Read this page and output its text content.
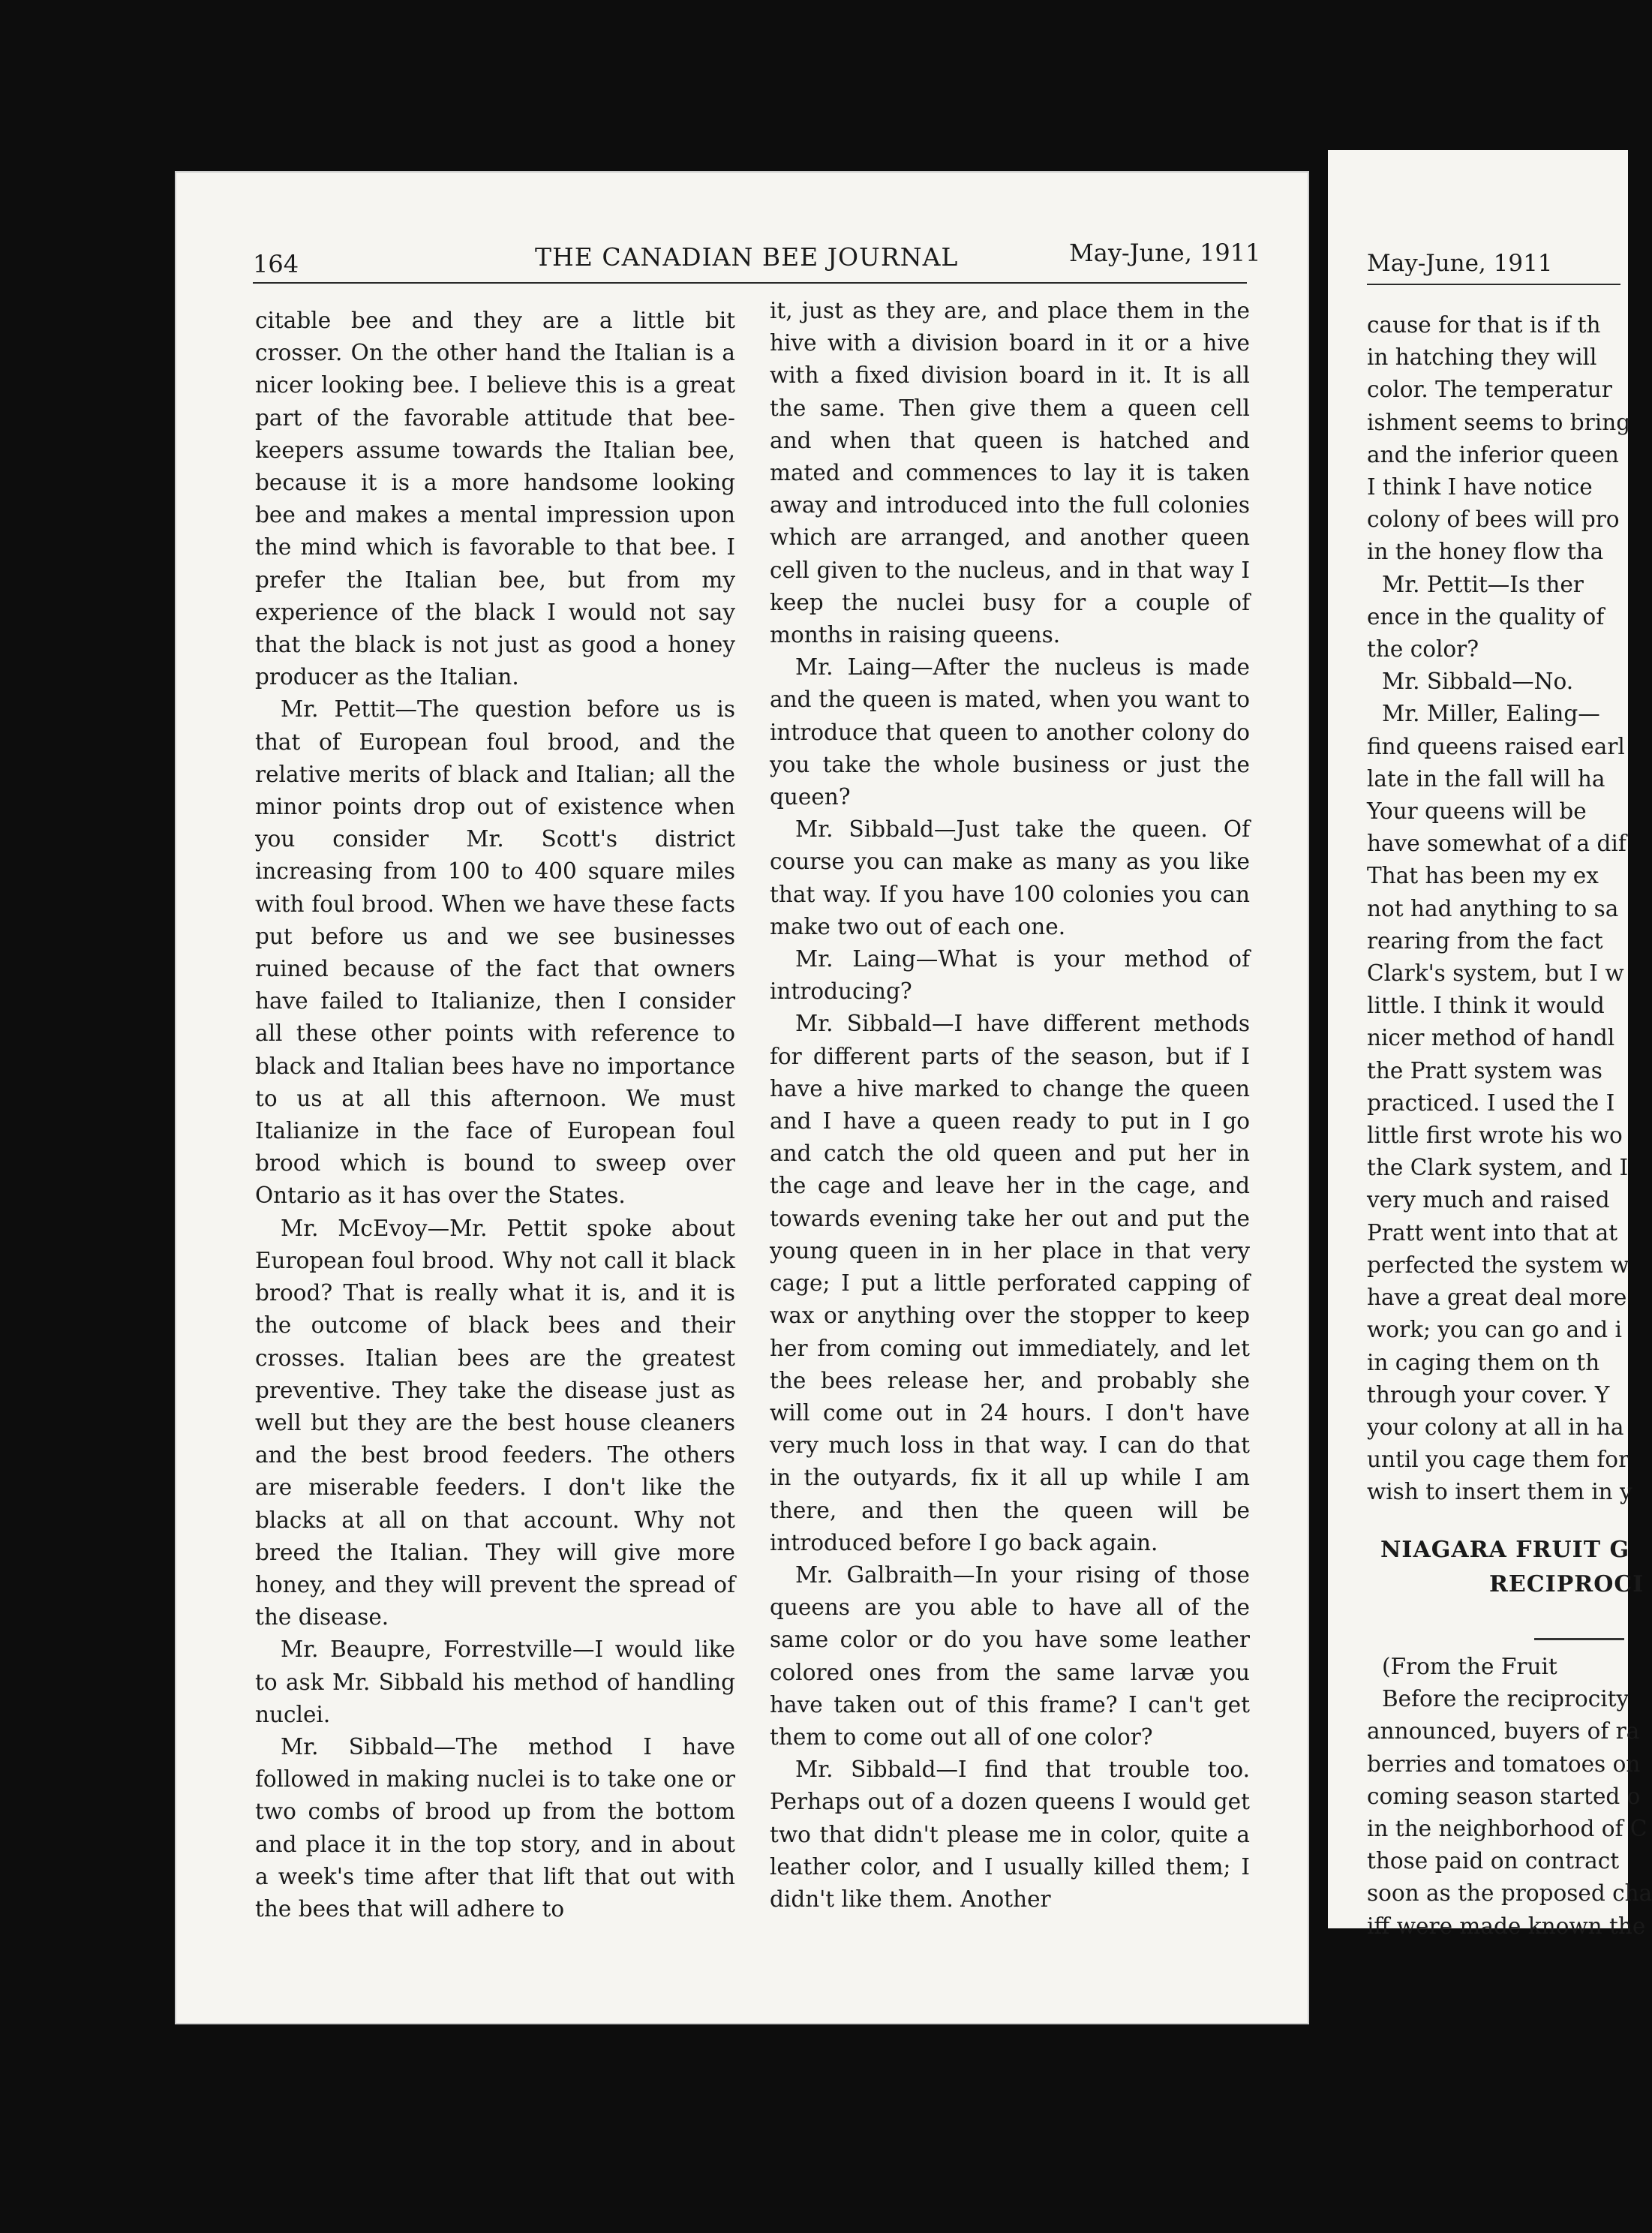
164	THE CANADIAN BEE JOURNAL	May-June, 1911

citable bee and they are a little bit crosser. On the other hand the Italian is a nicer looking bee. I believe this is a great part of the favorable attitude that bee-keepers assume towards the Italian bee, because it is a more handsome looking bee and makes a mental impression upon the mind which is favorable to that bee. I prefer the Italian bee, but from my experience of the black I would not say that the black is not just as good a honey producer as the Italian.

Mr. Pettit—The question before us is that of European foul brood, and the relative merits of black and Italian; all the minor points drop out of existence when you consider Mr. Scott's district increasing from 100 to 400 square miles with foul brood. When we have these facts put before us and we see businesses ruined because of the fact that owners have failed to Italianize, then I consider all these other points with reference to black and Italian bees have no importance to us at all this afternoon. We must Italianize in the face of European foul brood which is bound to sweep over Ontario as it has over the States.

Mr. McEvoy—Mr. Pettit spoke about European foul brood. Why not call it black brood? That is really what it is, and it is the outcome of black bees and their crosses. Italian bees are the greatest preventive. They take the disease just as well but they are the best house cleaners and the best brood feeders. The others are miserable feeders. I don't like the blacks at all on that account. Why not breed the Italian. They will give more honey, and they will prevent the spread of the disease.

Mr. Beaupre, Forrestville—I would like to ask Mr. Sibbald his method of handling nuclei.

Mr. Sibbald—The method I have followed in making nuclei is to take one or two combs of brood up from the bottom and place it in the top story, and in about a week's time after that lift that out with the bees that will adhere to

it, just as they are, and place them in the hive with a division board in it or a hive with a fixed division board in it. It is all the same. Then give them a queen cell and when that queen is hatched and mated and commences to lay it is taken away and introduced into the full colonies which are arranged, and another queen cell given to the nucleus, and in that way I keep the nuclei busy for a couple of months in raising queens.

Mr. Laing—After the nucleus is made and the queen is mated, when you want to introduce that queen to another colony do you take the whole business or just the queen?

Mr. Sibbald—Just take the queen. Of course you can make as many as you like that way. If you have 100 colonies you can make two out of each one.

Mr. Laing—What is your method of introducing?

Mr. Sibbald—I have different methods for different parts of the season, but if I have a hive marked to change the queen and I have a queen ready to put in I go and catch the old queen and put her in the cage and leave her in the cage, and towards evening take her out and put the young queen in in her place in that very cage; I put a little perforated capping of wax or anything over the stopper to keep her from coming out immediately, and let the bees release her, and probably she will come out in 24 hours. I don't have very much loss in that way. I can do that in the outyards, fix it all up while I am there, and then the queen will be introduced before I go back again.

Mr. Galbraith—In your rising of those queens are you able to have all of the same color or do you have some leather colored ones from the same larvæ you have taken out of this frame? I can't get them to come out all of one color?

Mr. Sibbald—I find that trouble too. Perhaps out of a dozen queens I would get two that didn't please me in color, quite a leather color, and I usually killed them; I didn't like them. Another

May-June, 1911

cause for that is if th

in hatching they will

color. The temperatur

ishment seems to bring

and the inferior queen

I think I have notice

colony of bees will pro

in the honey flow tha

Mr. Pettit—Is ther

ence in the quality of

the color?

Mr. Sibbald—No.

Mr. Miller, Ealing—

find queens raised earl

late in the fall will ha

Your queens will be

have somewhat of a dif

That has been my ex

not had anything to sa

rearing from the fact

Clark's system, but I w

little. I think it would

nicer method of handl

the Pratt system was

practiced. I used the I

little first wrote his wo

the Clark system, and I

very much and raised

Pratt went into that at

perfected the system w

have a great deal more

work; you can go and i

in caging them on th

through your cover. Y

your colony at all in ha

until you cage them for

wish to insert them in y

NIAGARA FRUIT G
RECIPROCI

(From the Fruit

Before the reciprocity

announced, buyers of ra

berries and tomatoes on

coming season started o

in the neighborhood of C

those paid on contract

soon as the proposed cha

iff were made known the
